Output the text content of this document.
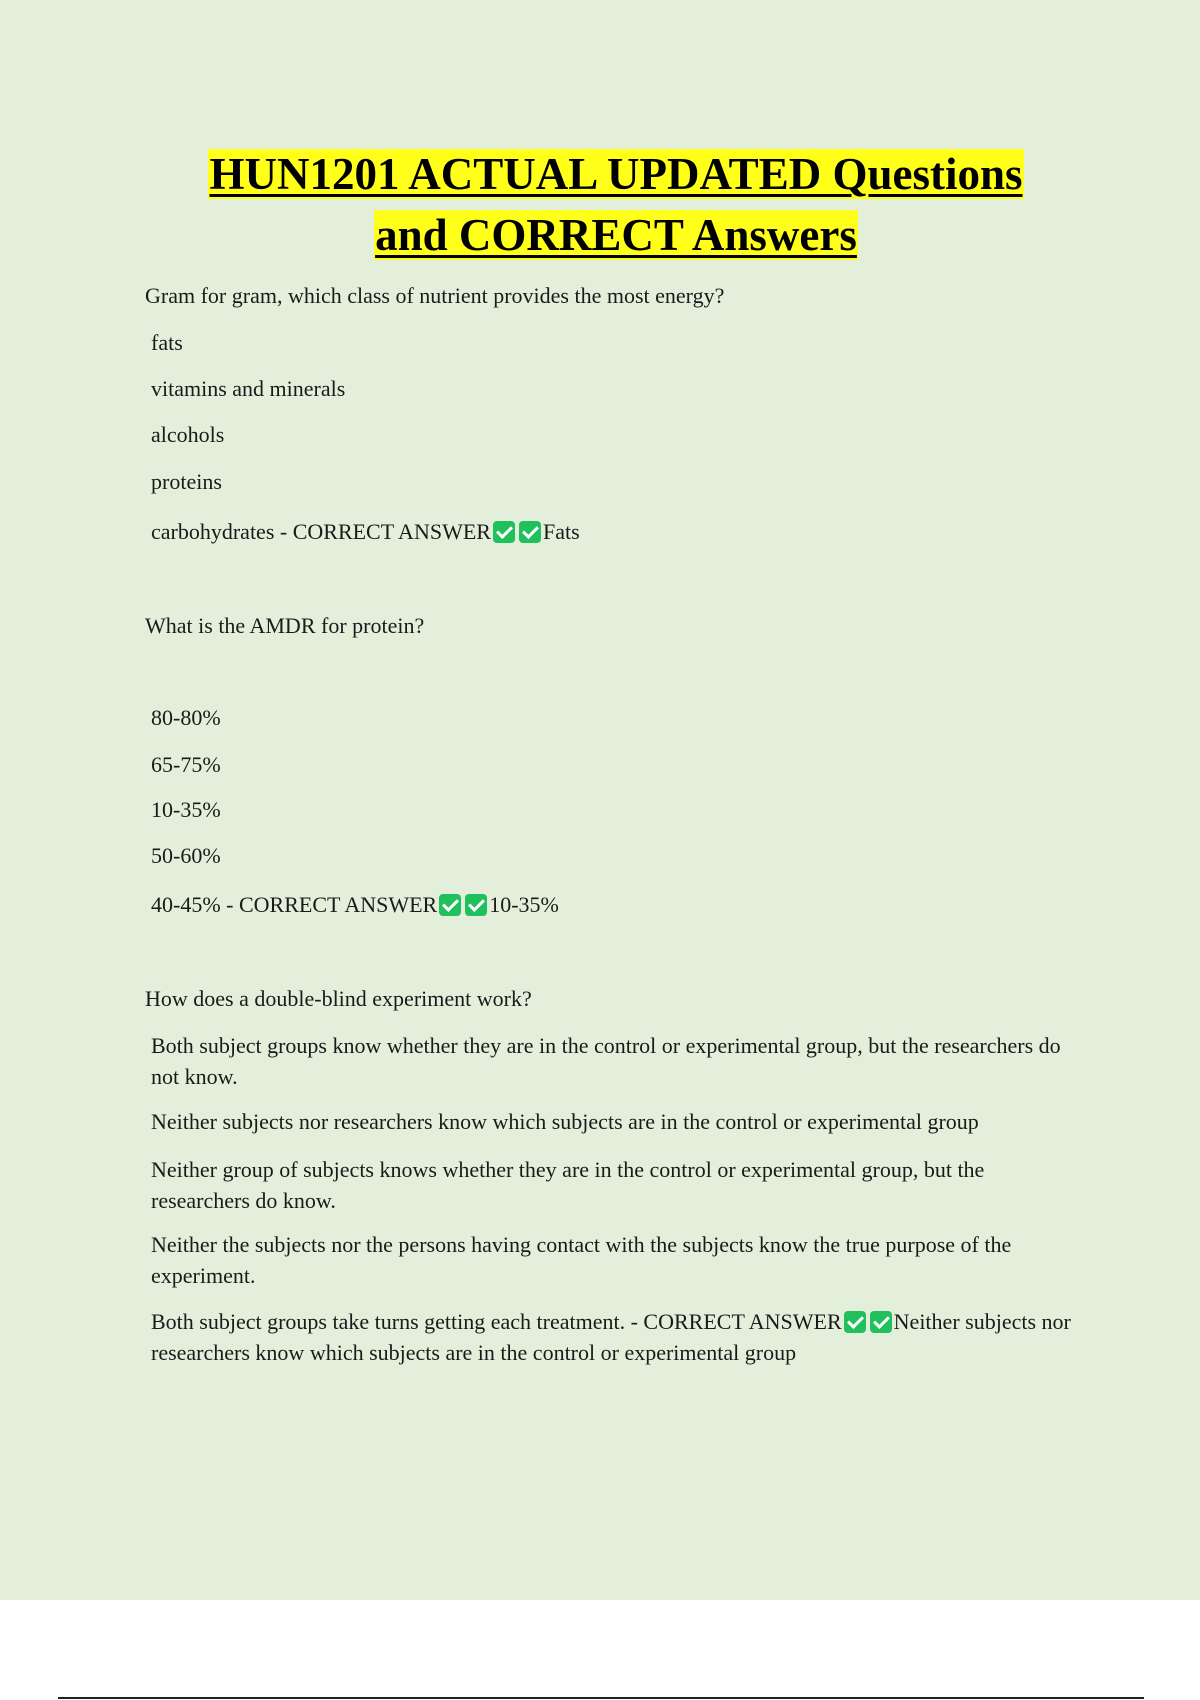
HUN1201 ACTUAL UPDATED Questions
and CORRECT Answers
Gram for gram, which class of nutrient provides the most energy?
fats
vitamins and minerals
alcohols
proteins
carbohydrates - CORRECT ANSWER Fats
What is the AMDR for protein?
80-80%
65-75%
10-35%
50-60%
40-45% - CORRECT ANSWER 10-35%
How does a double-blind experiment work?
Both subject groups know whether they are in the control or experimental group, but the researchers do not know.
Neither subjects nor researchers know which subjects are in the control or experimental group
Neither group of subjects knows whether they are in the control or experimental group, but the researchers do know.
Neither the subjects nor the persons having contact with the subjects know the true purpose of the experiment.
Both subject groups take turns getting each treatment. - CORRECT ANSWER Neither subjects nor researchers know which subjects are in the control or experimental group
